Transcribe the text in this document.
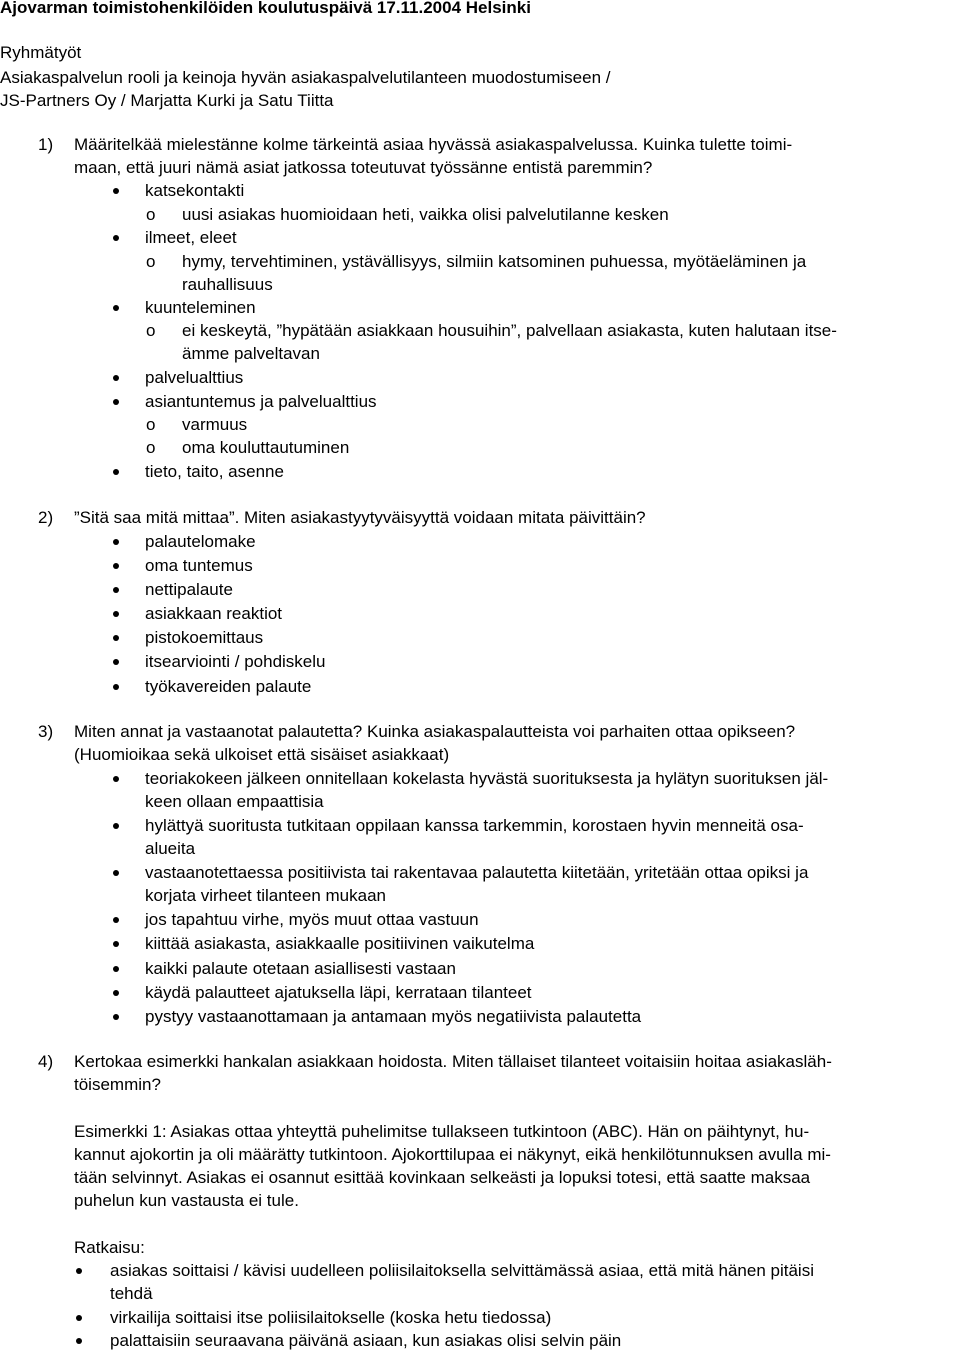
Ajovarman toimistohenkilöiden koulutuspäivä 17.11.2004 Helsinki
Ryhmätyöt
Asiakaspalvelun rooli ja keinoja hyvän asiakaspalvelutilanteen muodostumiseen /
JS-Partners Oy / Marjatta Kurki ja Satu Tiitta
1) Määritelkää mielestänne kolme tärkeintä asiaa hyvässä asiakaspalvelussa. Kuinka tulette toimi-
maan, että juuri nämä asiat jatkossa toteutuvat työssänne entistä paremmin?
katsekontakti
o uusi asiakas huomioidaan heti, vaikka olisi palvelutilanne kesken
ilmeet, eleet
o hymy, tervehtiminen, ystävällisyys, silmiin katsominen puhuessa, myötäeläminen ja
rauhallisuus
kuunteleminen
o ei keskeytä, ”hypätään asiakkaan housuihin”, palvellaan asiakasta, kuten halutaan itse-
ämme palveltavan
palvelualttius
asiantuntemus ja palvelualttius
o varmuus
o oma kouluttautuminen
tieto, taito, asenne
2) ”Sitä saa mitä mittaa”. Miten asiakastyytyväisyyttä voidaan mitata päivittäin?
palautelomake
oma tuntemus
nettipalaute
asiakkaan reaktiot
pistokoemittaus
itsearviointi / pohdiskelu
työkavereiden palaute
3) Miten annat ja vastaanotat palautetta? Kuinka asiakaspalautteista voi parhaiten ottaa opikseen?
(Huomioikaa sekä ulkoiset että sisäiset asiakkaat)
teoriakokeen jälkeen onnitellaan kokelasta hyvästä suorituksesta ja hylätyn suorituksen jäl-
keen ollaan empaattisia
hylättyä suoritusta tutkitaan oppilaan kanssa tarkemmin, korostaen hyvin menneitä osa-
alueita
vastaanotettaessa positiivista tai rakentavaa palautetta kiitetään, yritetään ottaa opiksi ja
korjata virheet tilanteen mukaan
jos tapahtuu virhe, myös muut ottaa vastuun
kiittää asiakasta, asiakkaalle positiivinen vaikutelma
kaikki palaute otetaan asiallisesti vastaan
käydä palautteet ajatuksella läpi, kerrataan tilanteet
pystyy vastaanottamaan ja antamaan myös negatiivista palautetta
4) Kertokaa esimerkki hankalan asiakkaan hoidosta. Miten tällaiset tilanteet voitaisiin hoitaa asiakasläh-
töisemmin?
Esimerkki 1: Asiakas ottaa yhteyttä puhelimitse tullakseen tutkintoon (ABC). Hän on päihtynyt, hu-
kannut ajokortin ja oli määrätty tutkintoon. Ajokorttilupaa ei näkynyt, eikä henkilötunnuksen avulla mi-
tään selvinnyt. Asiakas ei osannut esittää kovinkaan selkeästi ja lopuksi totesi, että saatte maksaa
puhelun kun vastausta ei tule.
Ratkaisu:
asiakas soittaisi / kävisi uudelleen poliisilaitoksella selvittämässä asiaa, että mitä hänen pitäisi
tehdä
virkailija soittaisi itse poliisilaitokselle (koska hetu tiedossa)
palattaisiin seuraavana päivänä asiaan, kun asiakas olisi selvin päin
